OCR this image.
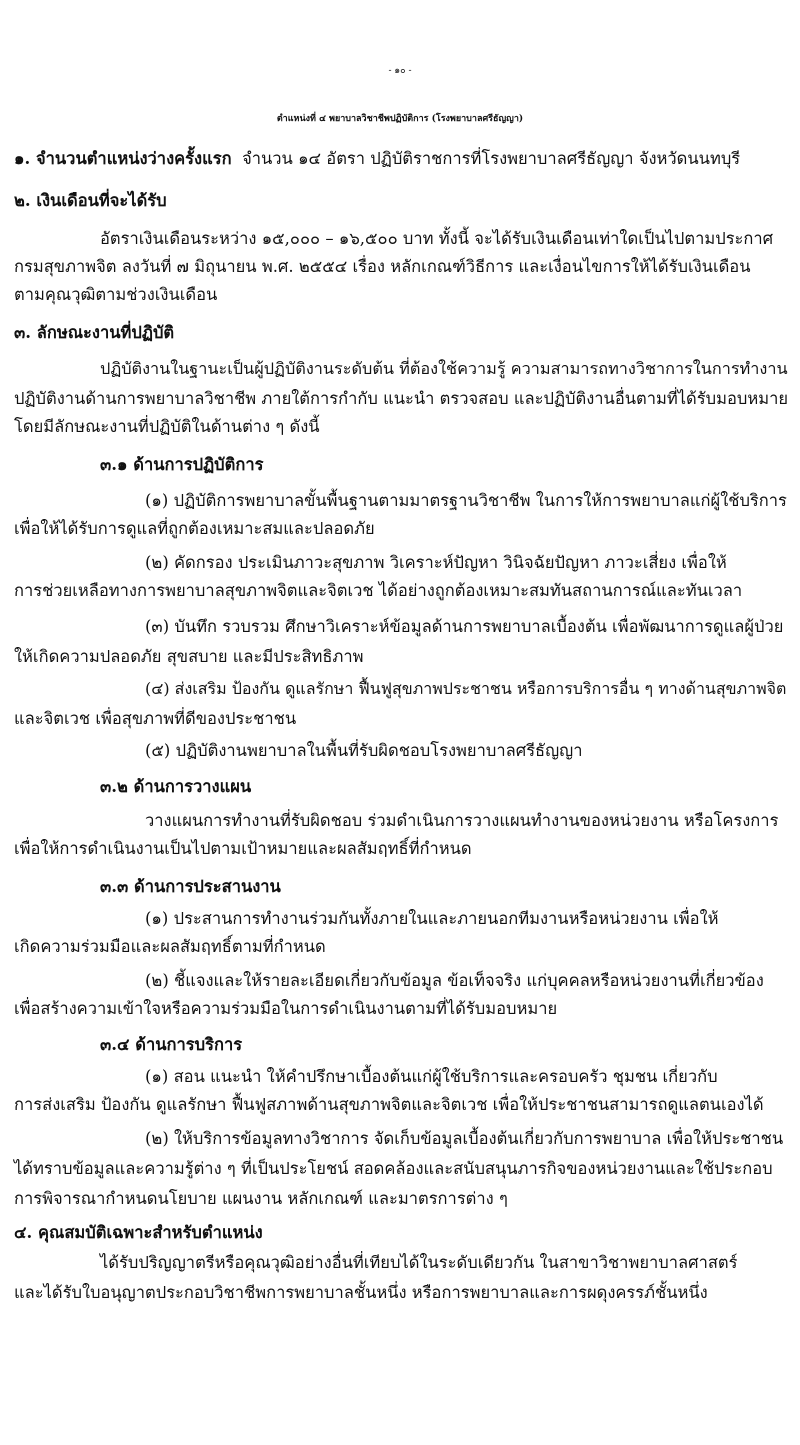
- ๑๐ -
ตำแหน่งที่ ๔ พยาบาลวิชาชีพปฏิบัติการ (โรงพยาบาลศรีธัญญา)
๑. จำนวนตำแหน่งว่างครั้งแรก จำนวน ๑๔ อัตรา ปฏิบัติราชการที่โรงพยาบาลศรีธัญญา จังหวัดนนทบุรี
๒. เงินเดือนที่จะได้รับ
อัตราเงินเดือนระหว่าง ๑๕,๐๐๐ – ๑๖,๕๐๐ บาท ทั้งนี้ จะได้รับเงินเดือนเท่าใดเป็นไปตามประกาศ
กรมสุขภาพจิต ลงวันที่ ๗ มิถุนายน พ.ศ. ๒๕๕๔ เรื่อง หลักเกณฑ์วิธีการ และเงื่อนไขการให้ได้รับเงินเดือน
ตามคุณวุฒิตามช่วงเงินเดือน
๓. ลักษณะงานที่ปฏิบัติ
ปฏิบัติงานในฐานะเป็นผู้ปฏิบัติงานระดับต้น ที่ต้องใช้ความรู้ ความสามารถทางวิชาการในการทำงาน
ปฏิบัติงานด้านการพยาบาลวิชาชีพ ภายใต้การกำกับ แนะนำ ตรวจสอบ และปฏิบัติงานอื่นตามที่ได้รับมอบหมาย
โดยมีลักษณะงานที่ปฏิบัติในด้านต่าง ๆ ดังนี้
๓.๑ ด้านการปฏิบัติการ
(๑) ปฏิบัติการพยาบาลขั้นพื้นฐานตามมาตรฐานวิชาชีพ ในการให้การพยาบาลแก่ผู้ใช้บริการ
เพื่อให้ได้รับการดูแลที่ถูกต้องเหมาะสมและปลอดภัย
(๒) คัดกรอง ประเมินภาวะสุขภาพ วิเคราะห์ปัญหา วินิจฉัยปัญหา ภาวะเสี่ยง เพื่อให้
การช่วยเหลือทางการพยาบาลสุขภาพจิตและจิตเวช ได้อย่างถูกต้องเหมาะสมทันสถานการณ์และทันเวลา
(๓) บันทึก รวบรวม ศึกษาวิเคราะห์ข้อมูลด้านการพยาบาลเบื้องต้น เพื่อพัฒนาการดูแลผู้ป่วย
ให้เกิดความปลอดภัย สุขสบาย และมีประสิทธิภาพ
(๔) ส่งเสริม ป้องกัน ดูแลรักษา ฟื้นฟูสุขภาพประชาชน หรือการบริการอื่น ๆ ทางด้านสุขภาพจิต
และจิตเวช เพื่อสุขภาพที่ดีของประชาชน
(๕) ปฏิบัติงานพยาบาลในพื้นที่รับผิดชอบโรงพยาบาลศรีธัญญา
๓.๒ ด้านการวางแผน
วางแผนการทำงานที่รับผิดชอบ ร่วมดำเนินการวางแผนทำงานของหน่วยงาน หรือโครงการ
เพื่อให้การดำเนินงานเป็นไปตามเป้าหมายและผลสัมฤทธิ์ที่กำหนด
๓.๓ ด้านการประสานงาน
(๑) ประสานการทำงานร่วมกันทั้งภายในและภายนอกทีมงานหรือหน่วยงาน เพื่อให้
เกิดความร่วมมือและผลสัมฤทธิ์ตามที่กำหนด
(๒) ชี้แจงและให้รายละเอียดเกี่ยวกับข้อมูล ข้อเท็จจริง แก่บุคคลหรือหน่วยงานที่เกี่ยวข้อง
เพื่อสร้างความเข้าใจหรือความร่วมมือในการดำเนินงานตามที่ได้รับมอบหมาย
๓.๔ ด้านการบริการ
(๑) สอน แนะนำ ให้คำปรึกษาเบื้องต้นแก่ผู้ใช้บริการและครอบครัว ชุมชน เกี่ยวกับ
การส่งเสริม ป้องกัน ดูแลรักษา ฟื้นฟูสภาพด้านสุขภาพจิตและจิตเวช เพื่อให้ประชาชนสามารถดูแลตนเองได้
(๒) ให้บริการข้อมูลทางวิชาการ จัดเก็บข้อมูลเบื้องต้นเกี่ยวกับการพยาบาล เพื่อให้ประชาชน
ได้ทราบข้อมูลและความรู้ต่าง ๆ ที่เป็นประโยชน์ สอดคล้องและสนับสนุนภารกิจของหน่วยงานและใช้ประกอบ
การพิจารณากำหนดนโยบาย แผนงาน หลักเกณฑ์ และมาตรการต่าง ๆ
๔. คุณสมบัติเฉพาะสำหรับตำแหน่ง
ได้รับปริญญาตรีหรือคุณวุฒิอย่างอื่นที่เทียบได้ในระดับเดียวกัน ในสาขาวิชาพยาบาลศาสตร์
และได้รับใบอนุญาตประกอบวิชาชีพการพยาบาลชั้นหนึ่ง หรือการพยาบาลและการผดุงครรภ์ชั้นหนึ่ง
